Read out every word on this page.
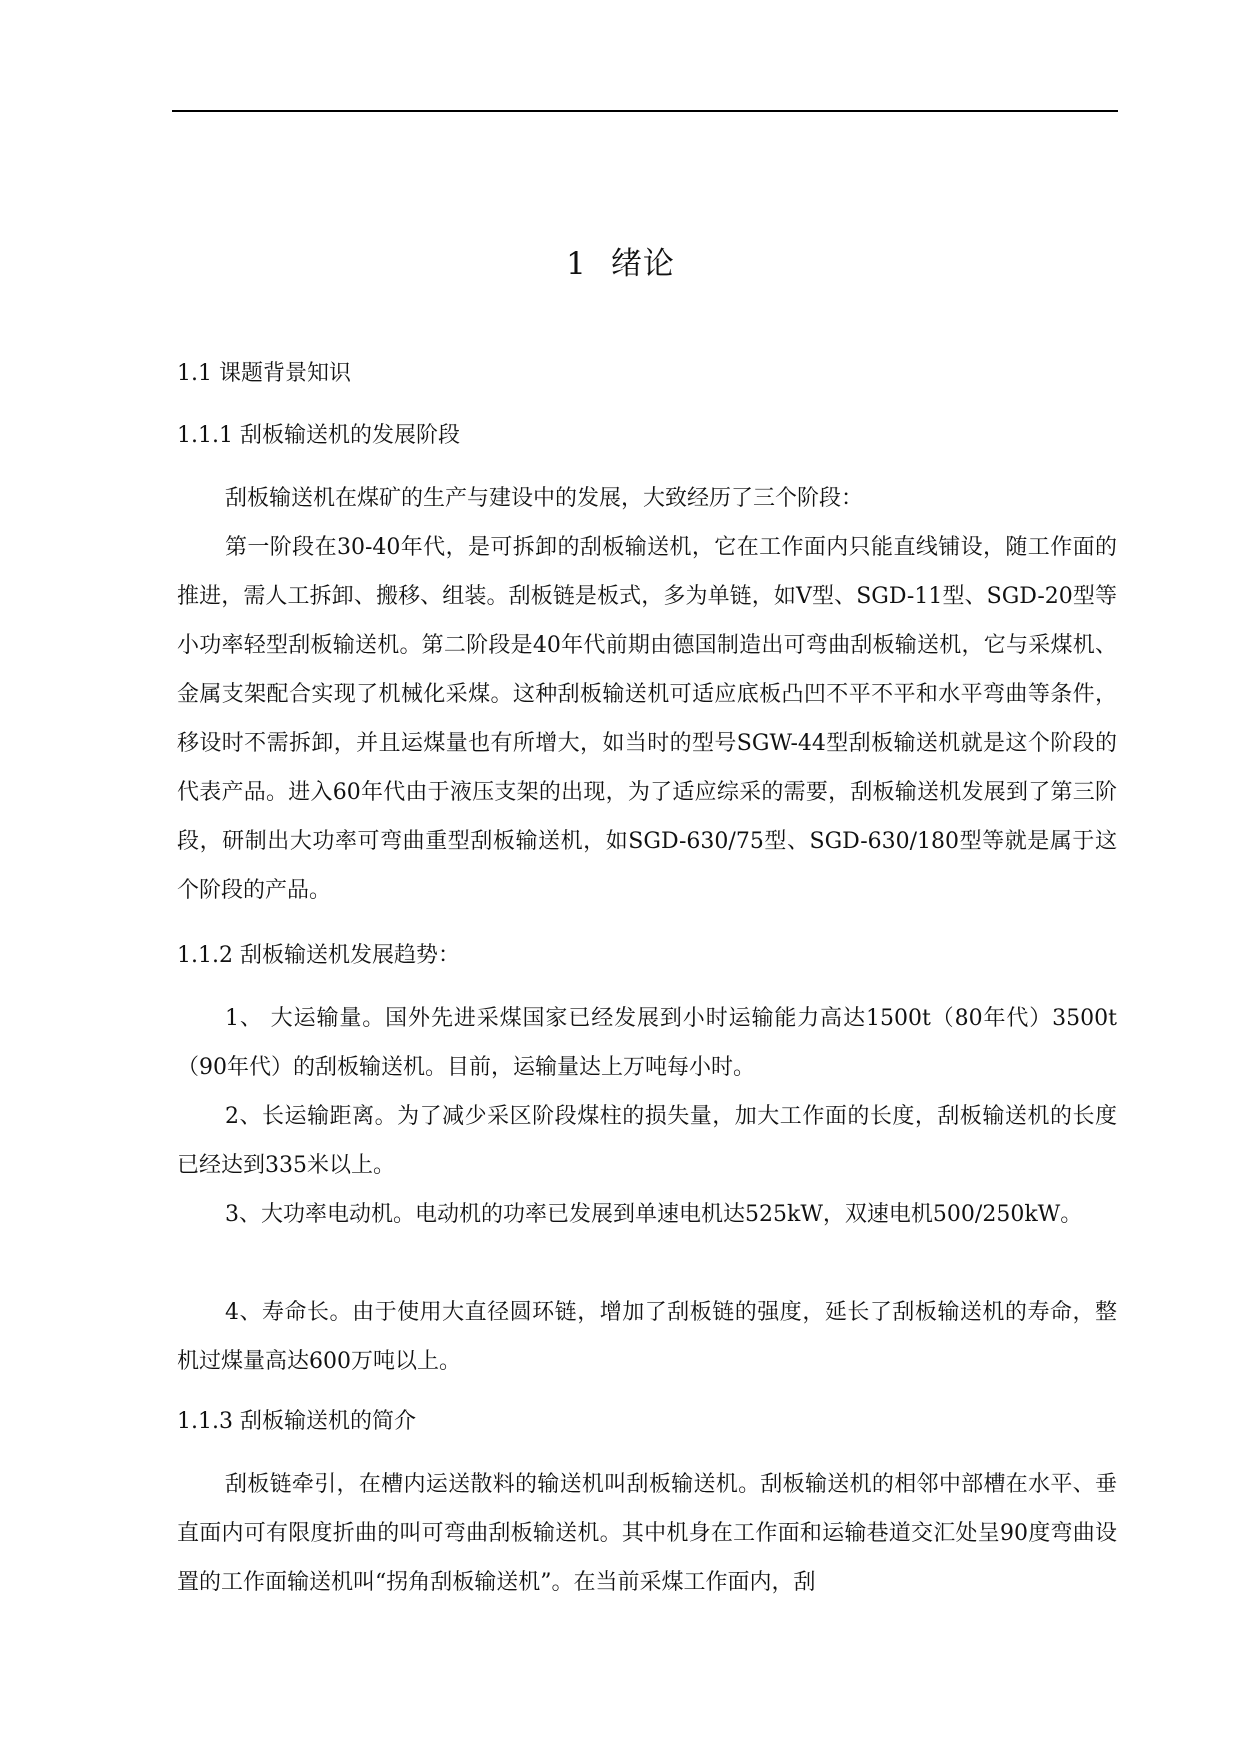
1 绪论
1.1 课题背景知识
1.1.1 刮板输送机的发展阶段

刮板输送机在煤矿的生产与建设中的发展，大致经历了三个阶段：

第一阶段在30-40年代，是可拆卸的刮板输送机，它在工作面内只能直线铺设，随工作面的推进，需人工拆卸、搬移、组装。刮板链是板式，多为单链，如V型、SGD-11型、SGD-20型等小功率轻型刮板输送机。第二阶段是40年代前期由德国制造出可弯曲刮板输送机，它与采煤机、金属支架配合实现了机械化采煤。这种刮板输送机可适应底板凸凹不平不平和水平弯曲等条件，移设时不需拆卸，并且运煤量也有所增大，如当时的型号SGW-44型刮板输送机就是这个阶段的代表产品。进入60年代由于液压支架的出现，为了适应综采的需要，刮板输送机发展到了第三阶段，研制出大功率可弯曲重型刮板输送机，如SGD-630/75型、SGD-630/180型等就是属于这个阶段的产品。

1.1.2 刮板输送机发展趋势：

1、 大运输量。国外先进采煤国家已经发展到小时运输能力高达1500t（80年代）3500t（90年代）的刮板输送机。目前，运输量达上万吨每小时。

2、长运输距离。为了减少采区阶段煤柱的损失量，加大工作面的长度，刮板输送机的长度已经达到335米以上。

3、大功率电动机。电动机的功率已发展到单速电机达525kW，双速电机500/250kW。

4、寿命长。由于使用大直径圆环链，增加了刮板链的强度，延长了刮板输送机的寿命，整机过煤量高达600万吨以上。

1.1.3 刮板输送机的简介

刮板链牵引，在槽内运送散料的输送机叫刮板输送机。刮板输送机的相邻中部槽在水平、垂直面内可有限度折曲的叫可弯曲刮板输送机。其中机身在工作面和运输巷道交汇处呈90度弯曲设置的工作面输送机叫“拐角刮板输送机”。在当前采煤工作面内，刮
